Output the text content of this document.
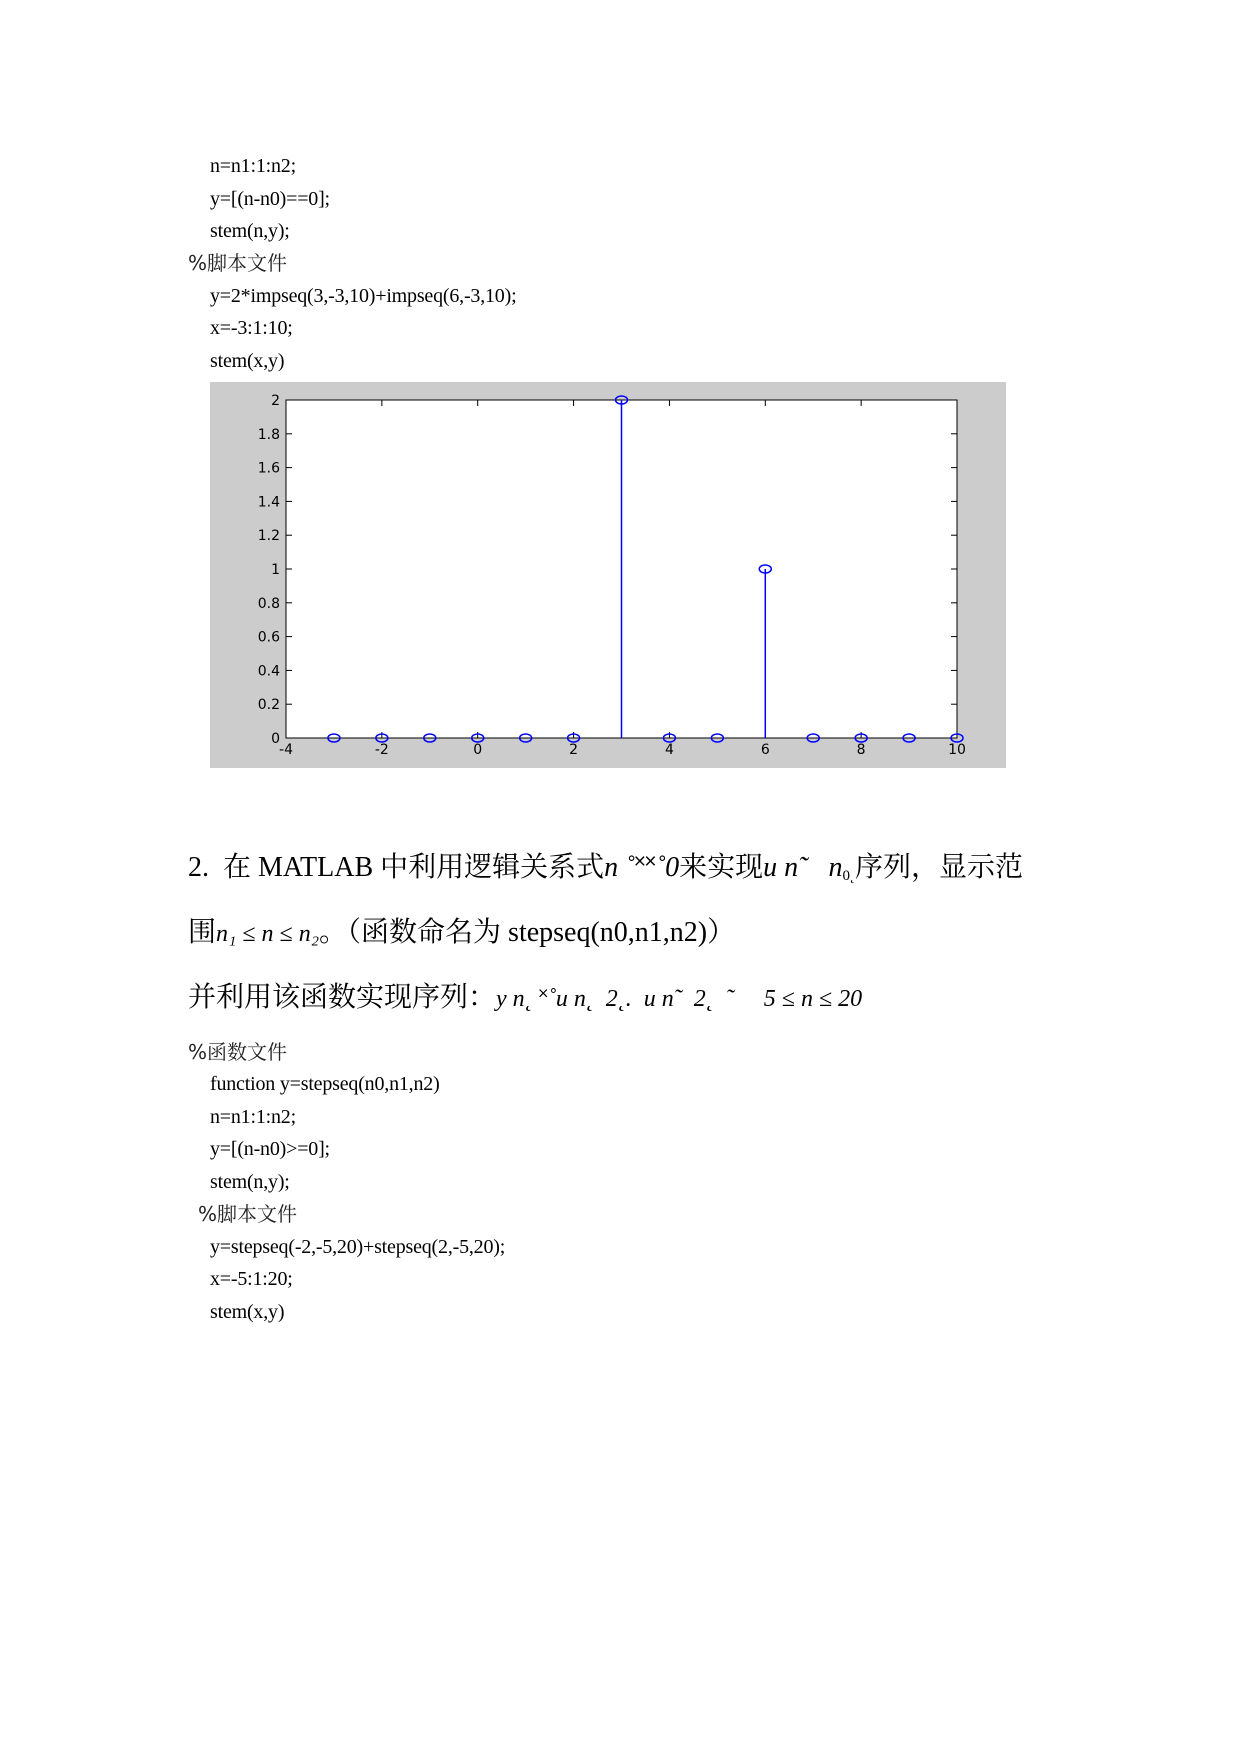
n=n1:1:n2;
y=[(n-n0)==0];
stem(n,y);
%脚本文件
y=2*impseq(3,-3,10)+impseq(6,-3,10);
x=-3:1:10;
stem(x,y)
-4	-2	0	2	4	6	8	10
0
0.2
0.4
0.6
0.8
1
1.2
1.4
1.6
1.8
2
2.  在 MATLAB 中利用逻辑关系式n ˚˟˟˚0来实现u n˜   $n_{0˛}$序列，显示范
围n₁ ≤ n ≤ n₂。（函数命名为 stepseq(n0,n1,n2)）
并利用该函数实现序列：y n˛ ˟˚u n˛  2˛.  u n˜  2˛  ˜     5 ≤ n ≤ 20
%函数文件
function y=stepseq(n0,n1,n2)
n=n1:1:n2;
y=[(n-n0)>=0];
stem(n,y);
%脚本文件
y=stepseq(-2,-5,20)+stepseq(2,-5,20);
x=-5:1:20;
stem(x,y)
